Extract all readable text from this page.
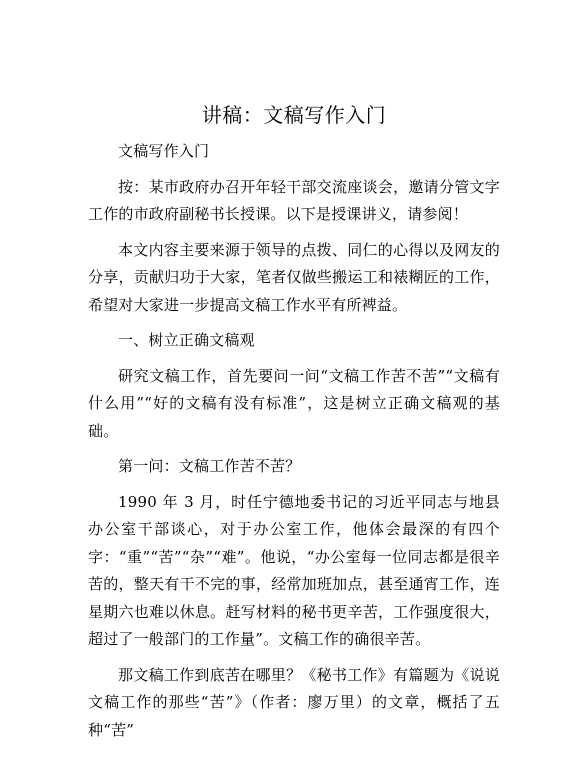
讲稿：文稿写作入门

文稿写作入门

按：某市政府办召开年轻干部交流座谈会，邀请分管文字工作的市政府副秘书长授课。以下是授课讲义，请参阅！

本文内容主要来源于领导的点拨、同仁的心得以及网友的分享，贡献归功于大家，笔者仅做些搬运工和裱糊匠的工作，希望对大家进一步提高文稿工作水平有所裨益。

一、树立正确文稿观

研究文稿工作，首先要问一问“文稿工作苦不苦”“文稿有什么用”“好的文稿有没有标准”，这是树立正确文稿观的基础。

第一问：文稿工作苦不苦？

1990 年 3 月，时任宁德地委书记的习近平同志与地县办公室干部谈心，对于办公室工作，他体会最深的有四个字：“重”“苦”“杂”“难”。他说，“办公室每一位同志都是很辛苦的，整天有干不完的事，经常加班加点，甚至通宵工作，连星期六也难以休息。赶写材料的秘书更辛苦，工作强度很大，超过了一般部门的工作量”。文稿工作的确很辛苦。

那文稿工作到底苦在哪里？《秘书工作》有篇题为《说说文稿工作的那些“苦”》（作者：廖万里）的文章，概括了五种“苦”
